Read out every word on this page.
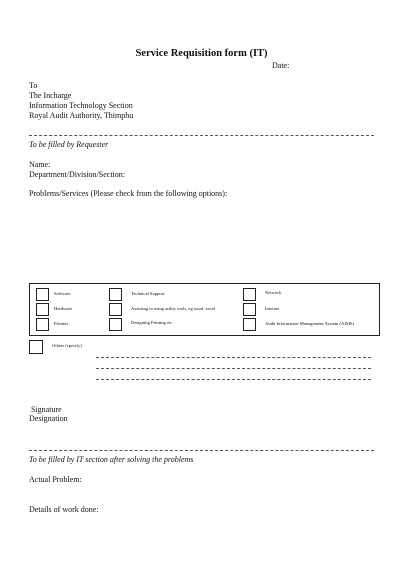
Service Requisition form (IT)
Date:
To
The Incharge
Information Technology Section
Royal Audit Authority, Thimphu
To be filled by Requester
Name:
Department/Division/Section:
Problems/Services (Please check from the following options):
Software
Hardware
Printers
Technical Support
Assisting in using utility tools, eg word, excel
Designing Printing etc
Network
Internet
Audit Information Management System (AIMS)
Others (specify)
Signature
Designation
To be filled by IT section after solving the problems
Actual Problem:
Details of work done:
